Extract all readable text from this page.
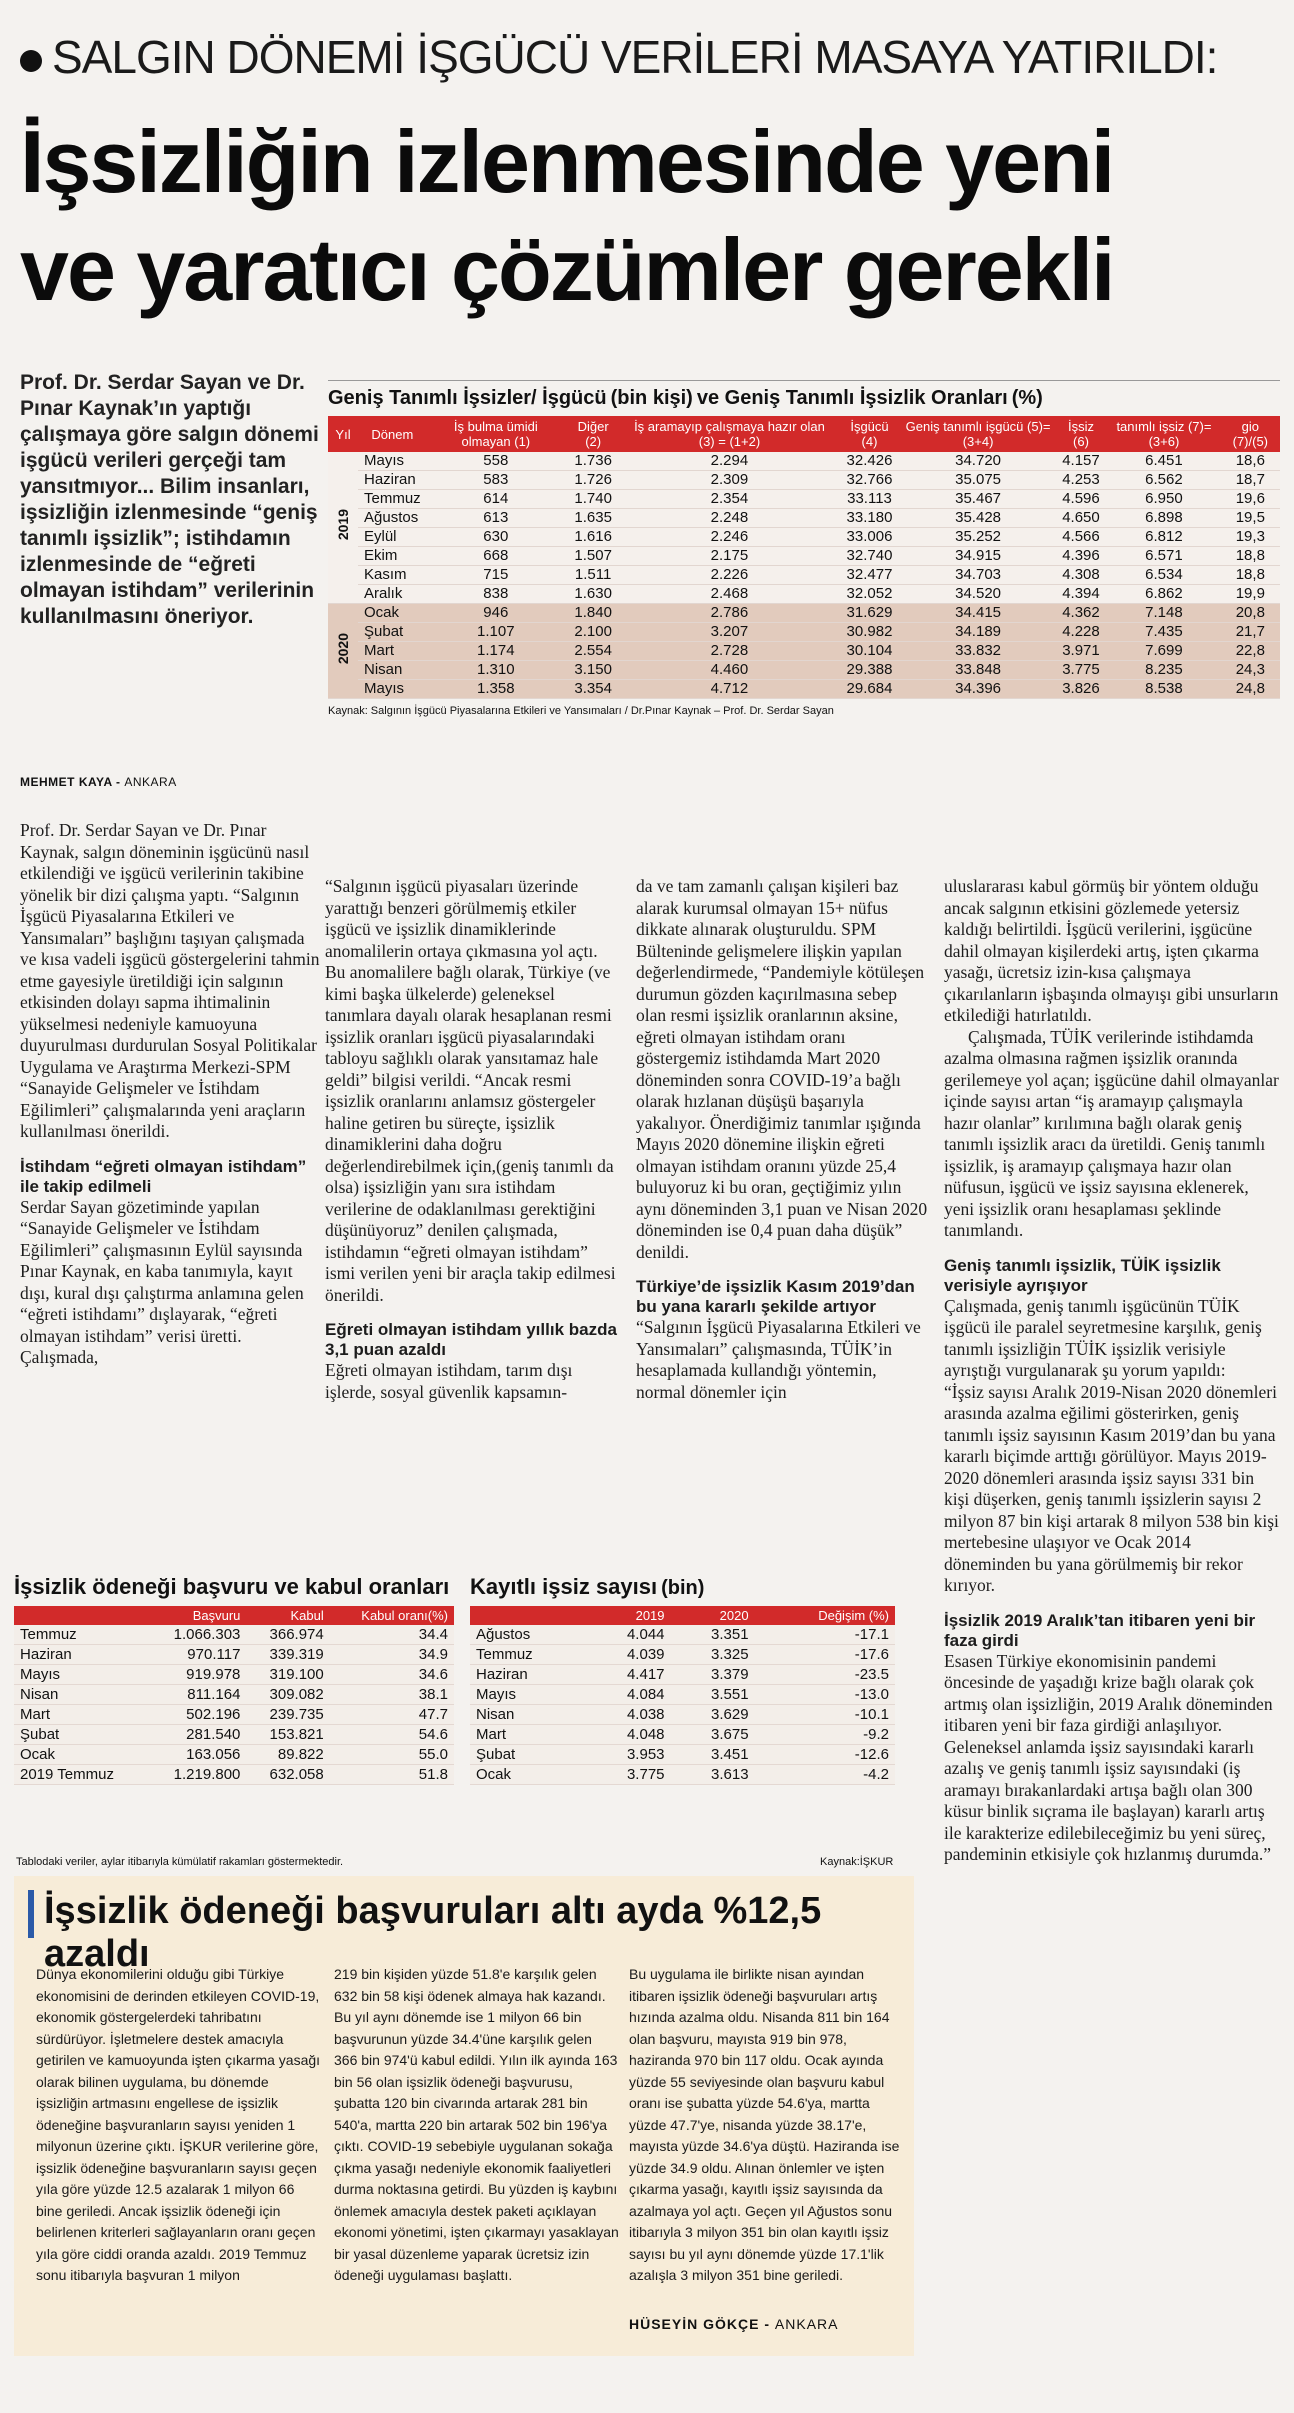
SALGIN DÖNEMİ İŞGÜCÜ VERİLERİ MASAYA YATIRILDI:
İşsizliğin izlenmesinde yeni
ve yaratıcı çözümler gerekli
Prof. Dr. Serdar Sayan ve Dr. Pınar Kaynak’ın yaptığı çalışmaya göre salgın dönemi işgücü verileri gerçeği tam yansıtmıyor... Bilim insanları, işsizliğin izlenmesinde “geniş tanımlı işsizlik”; istihdamın izlenmesinde de “eğreti olmayan istihdam” verilerinin kullanılmasını öneriyor.
MEHMET KAYA - ANKARA
Geniş Tanımlı İşsizler/ İşgücü (bin kişi) ve Geniş Tanımlı İşsizlik Oranları (%)
Yıl	Dönem	İş bulma ümidi olmayan (1)	Diğer (2)	İş aramayıp çalışmaya hazır olan (3) = (1+2)	İşgücü (4)	Geniş tanımlı işgücü (5)=(3+4)	İşsiz (6)	tanımlı işsiz (7)=(3+6)	gio (7)/(5)
2019	Mayıs	558	1.736	2.294	32.426	34.720	4.157	6.451	18,6
	Haziran	583	1.726	2.309	32.766	35.075	4.253	6.562	18,7
	Temmuz	614	1.740	2.354	33.113	35.467	4.596	6.950	19,6
	Ağustos	613	1.635	2.248	33.180	35.428	4.650	6.898	19,5
	Eylül	630	1.616	2.246	33.006	35.252	4.566	6.812	19,3
	Ekim	668	1.507	2.175	32.740	34.915	4.396	6.571	18,8
	Kasım	715	1.511	2.226	32.477	34.703	4.308	6.534	18,8
	Aralık	838	1.630	2.468	32.052	34.520	4.394	6.862	19,9
2020	Ocak	946	1.840	2.786	31.629	34.415	4.362	7.148	20,8
	Şubat	1.107	2.100	3.207	30.982	34.189	4.228	7.435	21,7
	Mart	1.174	2.554	2.728	30.104	33.832	3.971	7.699	22,8
	Nisan	1.310	3.150	4.460	29.388	33.848	3.775	8.235	24,3
	Mayıs	1.358	3.354	4.712	29.684	34.396	3.826	8.538	24,8
Kaynak: Salgının İşgücü Piyasalarına Etkileri ve Yansımaları / Dr.Pınar Kaynak – Prof. Dr. Serdar Sayan

Prof. Dr. Serdar Sayan ve Dr. Pınar Kaynak, salgın döneminin işgücünü nasıl etkilendiği ve işgücü verilerinin takibine yönelik bir dizi çalışma yaptı. “Salgının İşgücü Piyasalarına Etkileri ve Yansımaları” başlığını taşıyan çalışmada ve kısa vadeli işgücü göstergelerini tahmin etme gayesiyle üretildiği için salgının etkisinden dolayı sapma ihtimalinin yükselmesi nedeniyle kamuoyuna duyurulması durdurulan Sosyal Politikalar Uygulama ve Araştırma Merkezi-SPM “Sanayide Gelişmeler ve İstihdam Eğilimleri” çalışmalarında yeni araçların kullanılması önerildi.

İstihdam “eğreti olmayan istihdam” ile takip edilmeli

Serdar Sayan gözetiminde yapılan “Sanayide Gelişmeler ve İstihdam Eğilimleri” çalışmasının Eylül sayısında Pınar Kaynak, en kaba tanımıyla, kayıt dışı, kural dışı çalıştırma anlamına gelen “eğreti istihdamı” dışlayarak, “eğreti olmayan istihdam” verisi üretti. Çalışmada,

“Salgının işgücü piyasaları üzerinde yarattığı benzeri görülmemiş etkiler işgücü ve işsizlik dinamiklerinde anomalilerin ortaya çıkmasına yol açtı. Bu anomalilere bağlı olarak, Türkiye (ve kimi başka ülkelerde) geleneksel tanımlara dayalı olarak hesaplanan resmi işsizlik oranları işgücü piyasalarındaki tabloyu sağlıklı olarak yansıtamaz hale geldi” bilgisi verildi. “Ancak resmi işsizlik oranlarını anlamsız göstergeler haline getiren bu süreçte, işsizlik dinamiklerini daha doğru değerlendirebilmek için,(geniş tanımlı da olsa) işsizliğin yanı sıra istihdam verilerine de odaklanılması gerektiğini düşünüyoruz” denilen çalışmada, istihdamın “eğreti olmayan istihdam” ismi verilen yeni bir araçla takip edilmesi önerildi.

Eğreti olmayan istihdam yıllık bazda 3,1 puan azaldı

Eğreti olmayan istihdam, tarım dışı işlerde, sosyal güvenlik kapsamın-

da ve tam zamanlı çalışan kişileri baz alarak kurumsal olmayan 15+ nüfus dikkate alınarak oluşturuldu. SPM Bülteninde gelişmelere ilişkin yapılan değerlendirmede, “Pandemiyle kötüleşen durumun gözden kaçırılmasına sebep olan resmi işsizlik oranlarının aksine, eğreti olmayan istihdam oranı göstergemiz istihdamda Mart 2020 döneminden sonra COVID-19’a bağlı olarak hızlanan düşüşü başarıyla yakalıyor. Önerdiğimiz tanımlar ışığında Mayıs 2020 dönemine ilişkin eğreti olmayan istihdam oranını yüzde 25,4 buluyoruz ki bu oran, geçtiğimiz yılın aynı döneminden 3,1 puan ve Nisan 2020 döneminden ise 0,4 puan daha düşük” denildi.

Türkiye’de işsizlik Kasım 2019’dan bu yana kararlı şekilde artıyor

“Salgının İşgücü Piyasalarına Etkileri ve Yansımaları” çalışmasında, TÜİK’in hesaplamada kullandığı yöntemin, normal dönemler için

uluslararası kabul görmüş bir yöntem olduğu ancak salgının etkisini gözlemede yetersiz kaldığı belirtildi. İşgücü verilerini, işgücüne dahil olmayan kişilerdeki artış, işten çıkarma yasağı, ücretsiz izin-kısa çalışmaya çıkarılanların işbaşında olmayışı gibi unsurların etkilediği hatırlatıldı.

Çalışmada, TÜİK verilerinde istihdamda azalma olmasına rağmen işsizlik oranında gerilemeye yol açan; işgücüne dahil olmayanlar içinde sayısı artan “iş aramayıp çalışmayla hazır olanlar” kırılımına bağlı olarak geniş tanımlı işsizlik aracı da üretildi. Geniş tanımlı işsizlik, iş aramayıp çalışmaya hazır olan nüfusun, işgücü ve işsiz sayısına eklenerek, yeni işsizlik oranı hesaplaması şeklinde tanımlandı.

Geniş tanımlı işsizlik, TÜİK işsizlik verisiyle ayrışıyor

Çalışmada, geniş tanımlı işgücünün TÜİK işgücü ile paralel seyretmesine karşılık, geniş tanımlı işsizliğin TÜİK işsizlik verisiyle ayrıştığı vurgulanarak şu yorum yapıldı:

“İşsiz sayısı Aralık 2019-Nisan 2020 dönemleri arasında azalma eğilimi gösterirken, geniş tanımlı işsiz sayısının Kasım 2019’dan bu yana kararlı biçimde arttığı görülüyor. Mayıs 2019-2020 dönemleri arasında işsiz sayısı 331 bin kişi düşerken, geniş tanımlı işsizlerin sayısı 2 milyon 87 bin kişi artarak 8 milyon 538 bin kişi mertebesine ulaşıyor ve Ocak 2014 döneminden bu yana görülmemiş bir rekor kırıyor.

İşsizlik 2019 Aralık’tan itibaren yeni bir faza girdi

Esasen Türkiye ekonomisinin pandemi öncesinde de yaşadığı krize bağlı olarak çok artmış olan işsizliğin, 2019 Aralık döneminden itibaren yeni bir faza girdiği anlaşılıyor. Geleneksel anlamda işsiz sayısındaki kararlı azalış ve geniş tanımlı işsiz sayısındaki (iş aramayı bırakanlardaki artışa bağlı olan 300 küsur binlik sıçrama ile başlayan) kararlı artış ile karakterize edilebileceğimiz bu yeni süreç, pandeminin etkisiyle çok hızlanmış durumda.”

İşsizlik ödeneği başvuru ve kabul oranları
	Başvuru	Kabul	Kabul oranı(%)
Temmuz	1.066.303	366.974	34.4
Haziran	970.117	339.319	34.9
Mayıs	919.978	319.100	34.6
Nisan	811.164	309.082	38.1
Mart	502.196	239.735	47.7
Şubat	281.540	153.821	54.6
Ocak	163.056	89.822	55.0
2019 Temmuz	1.219.800	632.058	51.8
Kayıtlı işsiz sayısı (bin)
	2019	2020	Değişim (%)
Ağustos	4.044	3.351	-17.1
Temmuz	4.039	3.325	-17.6
Haziran	4.417	3.379	-23.5
Mayıs	4.084	3.551	-13.0
Nisan	4.038	3.629	-10.1
Mart	4.048	3.675	-9.2
Şubat	3.953	3.451	-12.6
Ocak	3.775	3.613	-4.2
Tablodaki veriler, aylar itibarıyla kümülatif rakamları göstermektedir.	Kaynak:İŞKUR
İşsizlik ödeneği başvuruları altı ayda %12,5 azaldı
Dünya ekonomilerini olduğu gibi Türkiye ekonomisini de derinden etkileyen COVID-19, ekonomik göstergelerdeki tahribatını sürdürüyor. İşletmelere destek amacıyla getirilen ve kamuoyunda işten çıkarma yasağı olarak bilinen uygulama, bu dönemde işsizliğin artmasını engellese de işsizlik ödeneğine başvuranların sayısı yeniden 1 milyonun üzerine çıktı. İŞKUR verilerine göre, işsizlik ödeneğine başvuranların sayısı geçen yıla göre yüzde 12.5 azalarak 1 milyon 66 bine geriledi. Ancak işsizlik ödeneği için belirlenen kriterleri sağlayanların oranı geçen yıla göre ciddi oranda azaldı. 2019 Temmuz sonu itibarıyla başvuran 1 milyon
219 bin kişiden yüzde 51.8'e karşılık gelen 632 bin 58 kişi ödenek almaya hak kazandı. Bu yıl aynı dönemde ise 1 milyon 66 bin başvurunun yüzde 34.4'üne karşılık gelen 366 bin 974'ü kabul edildi. Yılın ilk ayında 163 bin 56 olan işsizlik ödeneği başvurusu, şubatta 120 bin civarında artarak 281 bin 540'a, martta 220 bin artarak 502 bin 196'ya çıktı. COVID-19 sebebiyle uygulanan sokağa çıkma yasağı nedeniyle ekonomik faaliyetleri durma noktasına getirdi. Bu yüzden iş kaybını önlemek amacıyla destek paketi açıklayan ekonomi yönetimi, işten çıkarmayı yasaklayan bir yasal düzenleme yaparak ücretsiz izin ödeneği uygulaması başlattı.
Bu uygulama ile birlikte nisan ayından itibaren işsizlik ödeneği başvuruları artış hızında azalma oldu. Nisanda 811 bin 164 olan başvuru, mayısta 919 bin 978, haziranda 970 bin 117 oldu. Ocak ayında yüzde 55 seviyesinde olan başvuru kabul oranı ise şubatta yüzde 54.6'ya, martta yüzde 47.7'ye, nisanda yüzde 38.17'e, mayısta yüzde 34.6'ya düştü. Haziranda ise yüzde 34.9 oldu. Alınan önlemler ve işten çıkarma yasağı, kayıtlı işsiz sayısında da azalmaya yol açtı. Geçen yıl Ağustos sonu itibarıyla 3 milyon 351 bin olan kayıtlı işsiz sayısı bu yıl aynı dönemde yüzde 17.1'lik azalışla 3 milyon 351 bine geriledi.
HÜSEYİN GÖKÇE - ANKARA
